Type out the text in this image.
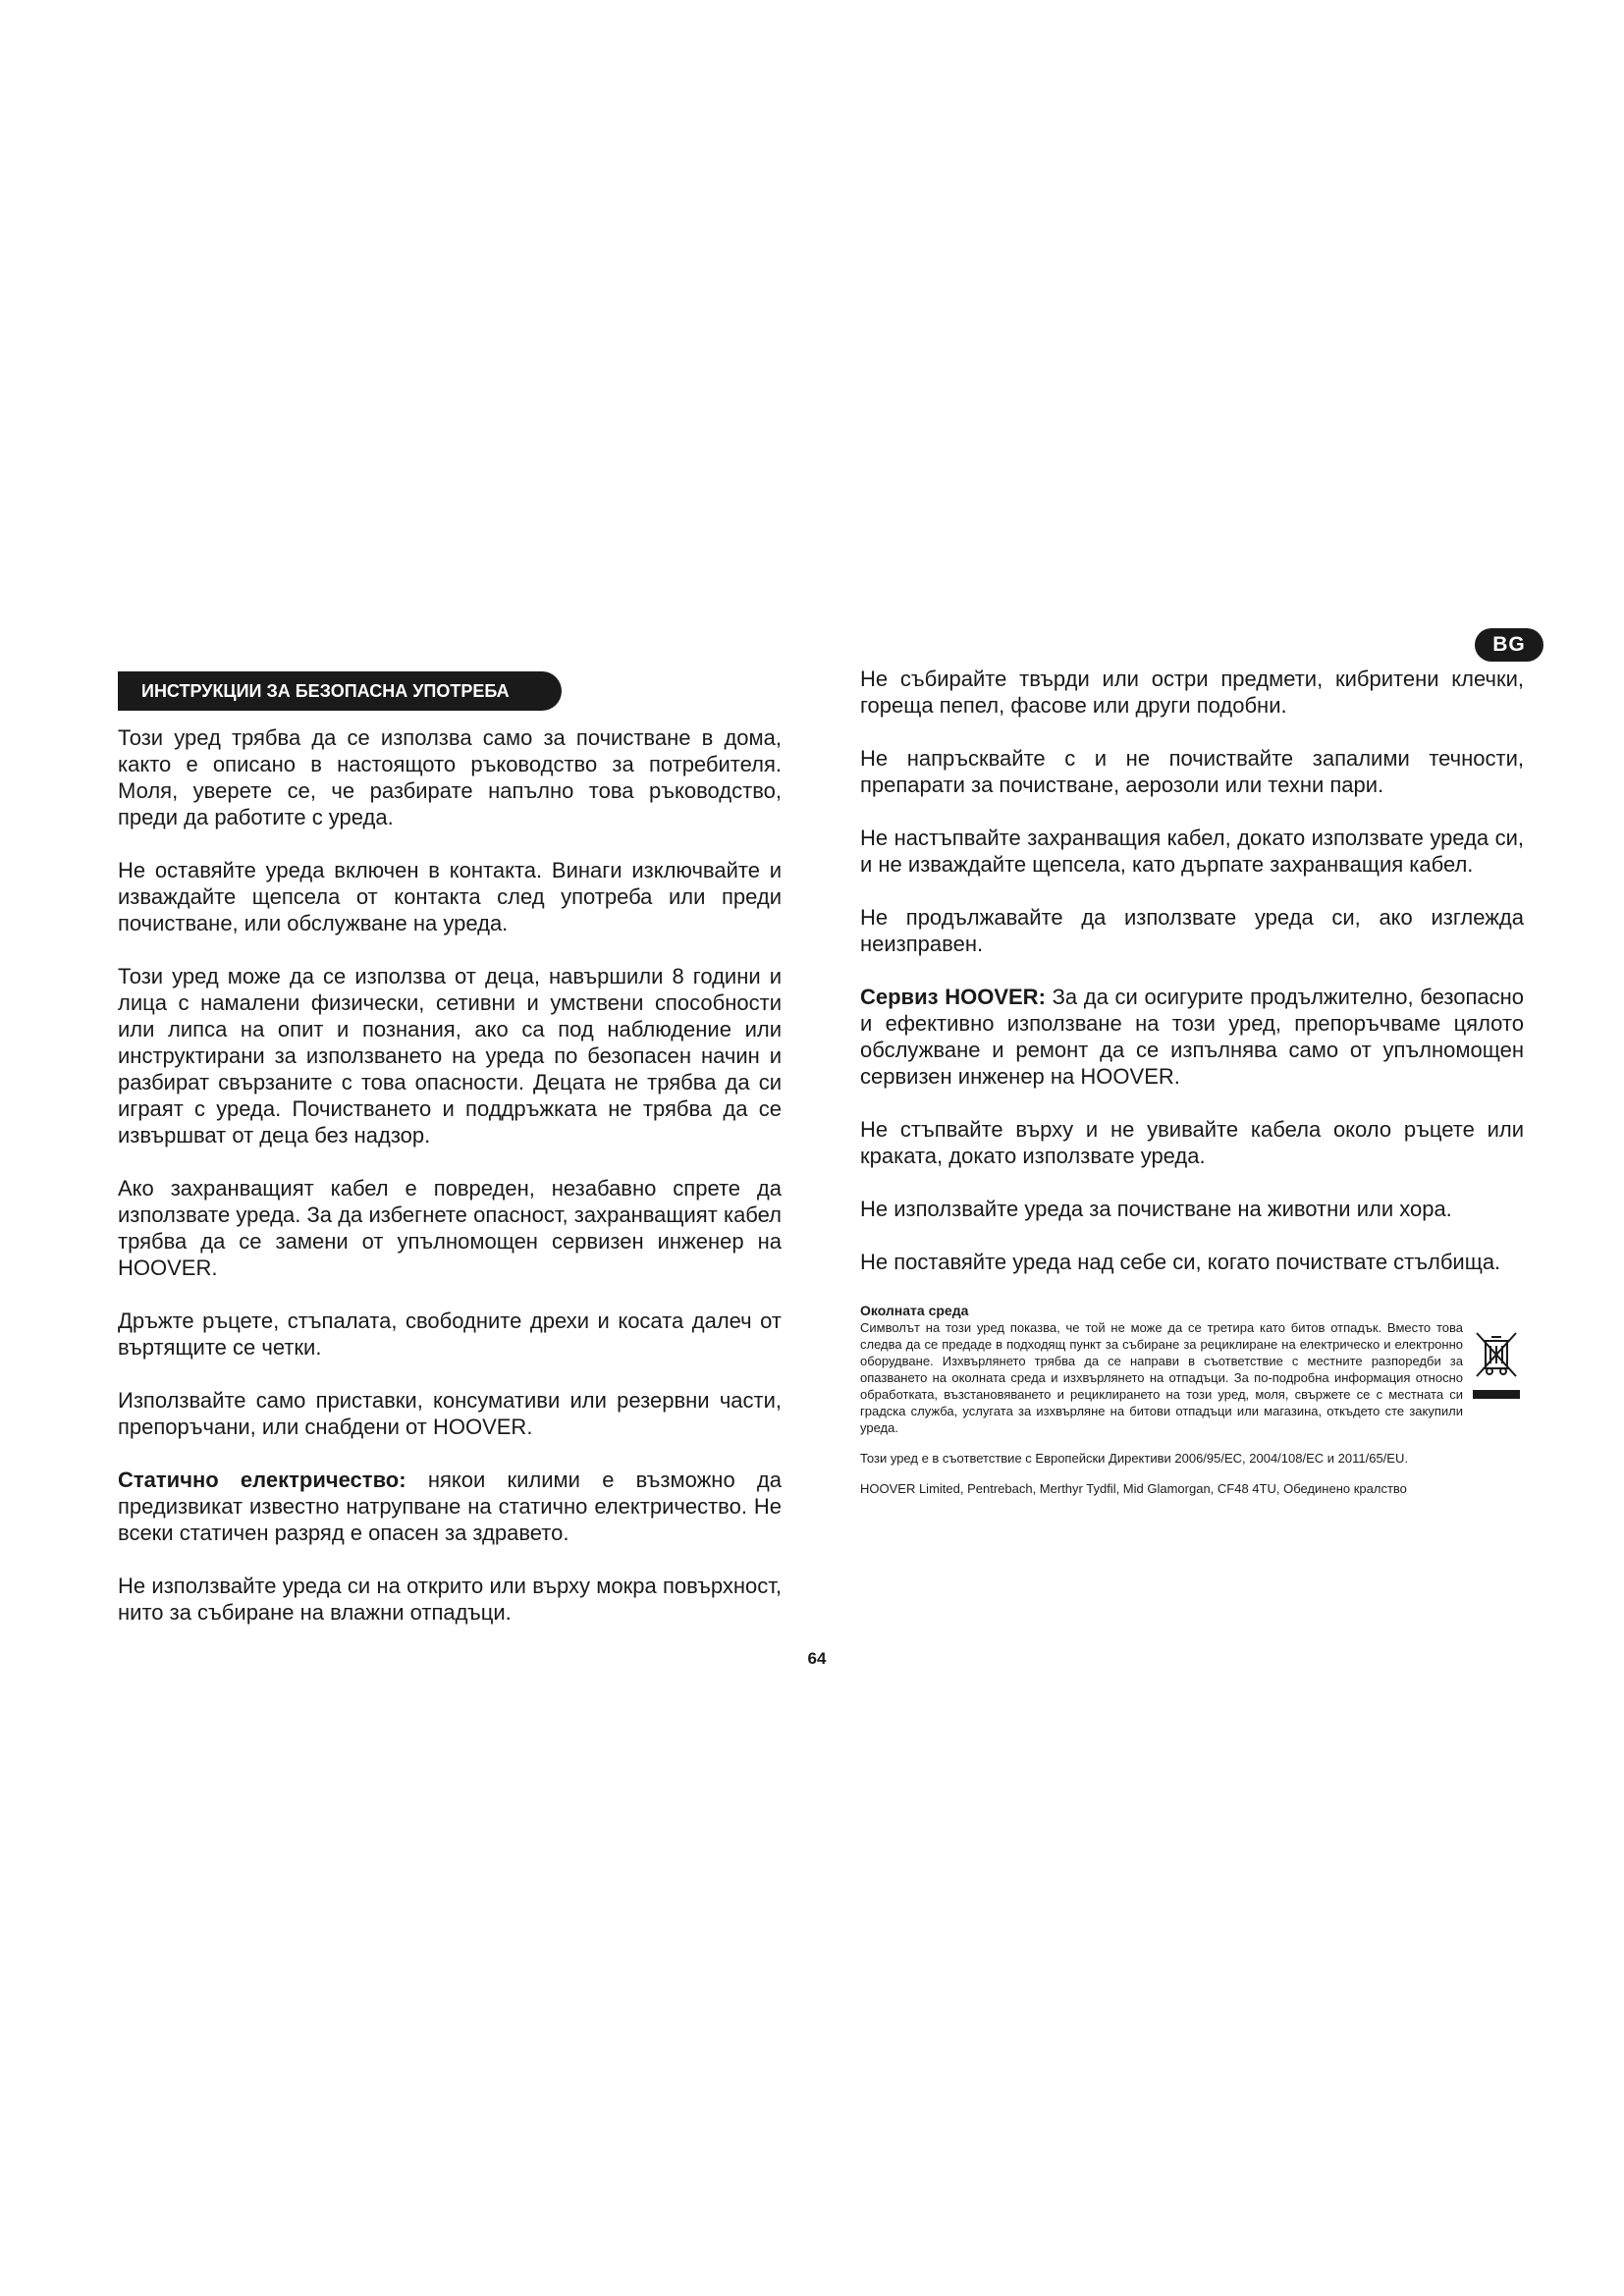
BG
ИНСТРУКЦИИ ЗА БЕЗОПАСНА УПОТРЕБА

Този уред трябва да се използва само за почистване в дома, както е описано в настоящото ръководство за потребителя. Моля, уверете се, че разбирате напълно това ръководство, преди да работите с уреда.

Не оставяйте уреда включен в контакта. Винаги изключвайте и изваждайте щепсела от контакта след употреба или преди почистване, или обслужване на уреда.

Този уред може да се използва от деца, навършили 8 години и лица с намалени физически, сетивни и умствени способности или липса на опит и познания, ако са под наблюдение или инструктирани за използването на уреда по безопасен начин и разбират свързаните с това опасности. Децата не трябва да си играят с уреда. Почистването и поддръжката не трябва да се извършват от деца без надзор.

Ако захранващият кабел е повреден, незабавно спрете да използвате уреда. За да избегнете опасност, захранващият кабел трябва да се замени от упълномощен сервизен инженер на HOOVER.

Дръжте ръцете, стъпалата, свободните дрехи и косата далеч от въртящите се четки.

Използвайте само приставки, консумативи или резервни части, препоръчани, или снабдени от HOOVER.

Статично електричество: някои килими е възможно да предизвикат известно натрупване на статично електричество. Не всеки статичен разряд е опасен за здравето.

Не използвайте уреда си на открито или върху мокра повърхност, нито за събиране на влажни отпадъци.

Не събирайте твърди или остри предмети, кибритени клечки, гореща пепел, фасове или други подобни.

Не напръсквайте с и не почиствайте запалими течности, препарати за почистване, аерозоли или техни пари.

Не настъпвайте захранващия кабел, докато използвате уреда си, и не изваждайте щепсела, като дърпате захранващия кабел.

Не продължавайте да използвате уреда си, ако изглежда неизправен.

Сервиз HOOVER: За да си осигурите продължително, безопасно и ефективно използване на този уред, препоръчваме цялото обслужване и ремонт да се изпълнява само от упълномощен сервизен инженер на HOOVER.

Не стъпвайте върху и не увивайте кабела около ръцете или краката, докато използвате уреда.

Не използвайте уреда за почистване на животни или хора.

Не поставяйте уреда над себе си, когато почиствате стълбища.

Околната среда
Символът на този уред показва, че той не може да се третира като битов отпадък. Вместо това следва да се предаде в подходящ пункт за събиране за рециклиране на електрическо и електронно оборудване. Изхвърлянето трябва да се направи в съответствие с местните разпоредби за опазването на околната среда и изхвърлянето на отпадъци. За по-подробна информация относно обработката, възстановяването и рециклирането на този уред, моля, свържете се с местната си градска служба, услугата за изхвърляне на битови отпадъци или магазина, откъдето сте закупили уреда.

Този уред е в съответствие с Европейски Директиви 2006/95/EC, 2004/108/EC и 2011/65/EU.

HOOVER Limited, Pentrebach, Merthyr Tydfil, Mid Glamorgan, CF48 4TU, Обединено кралство

64
